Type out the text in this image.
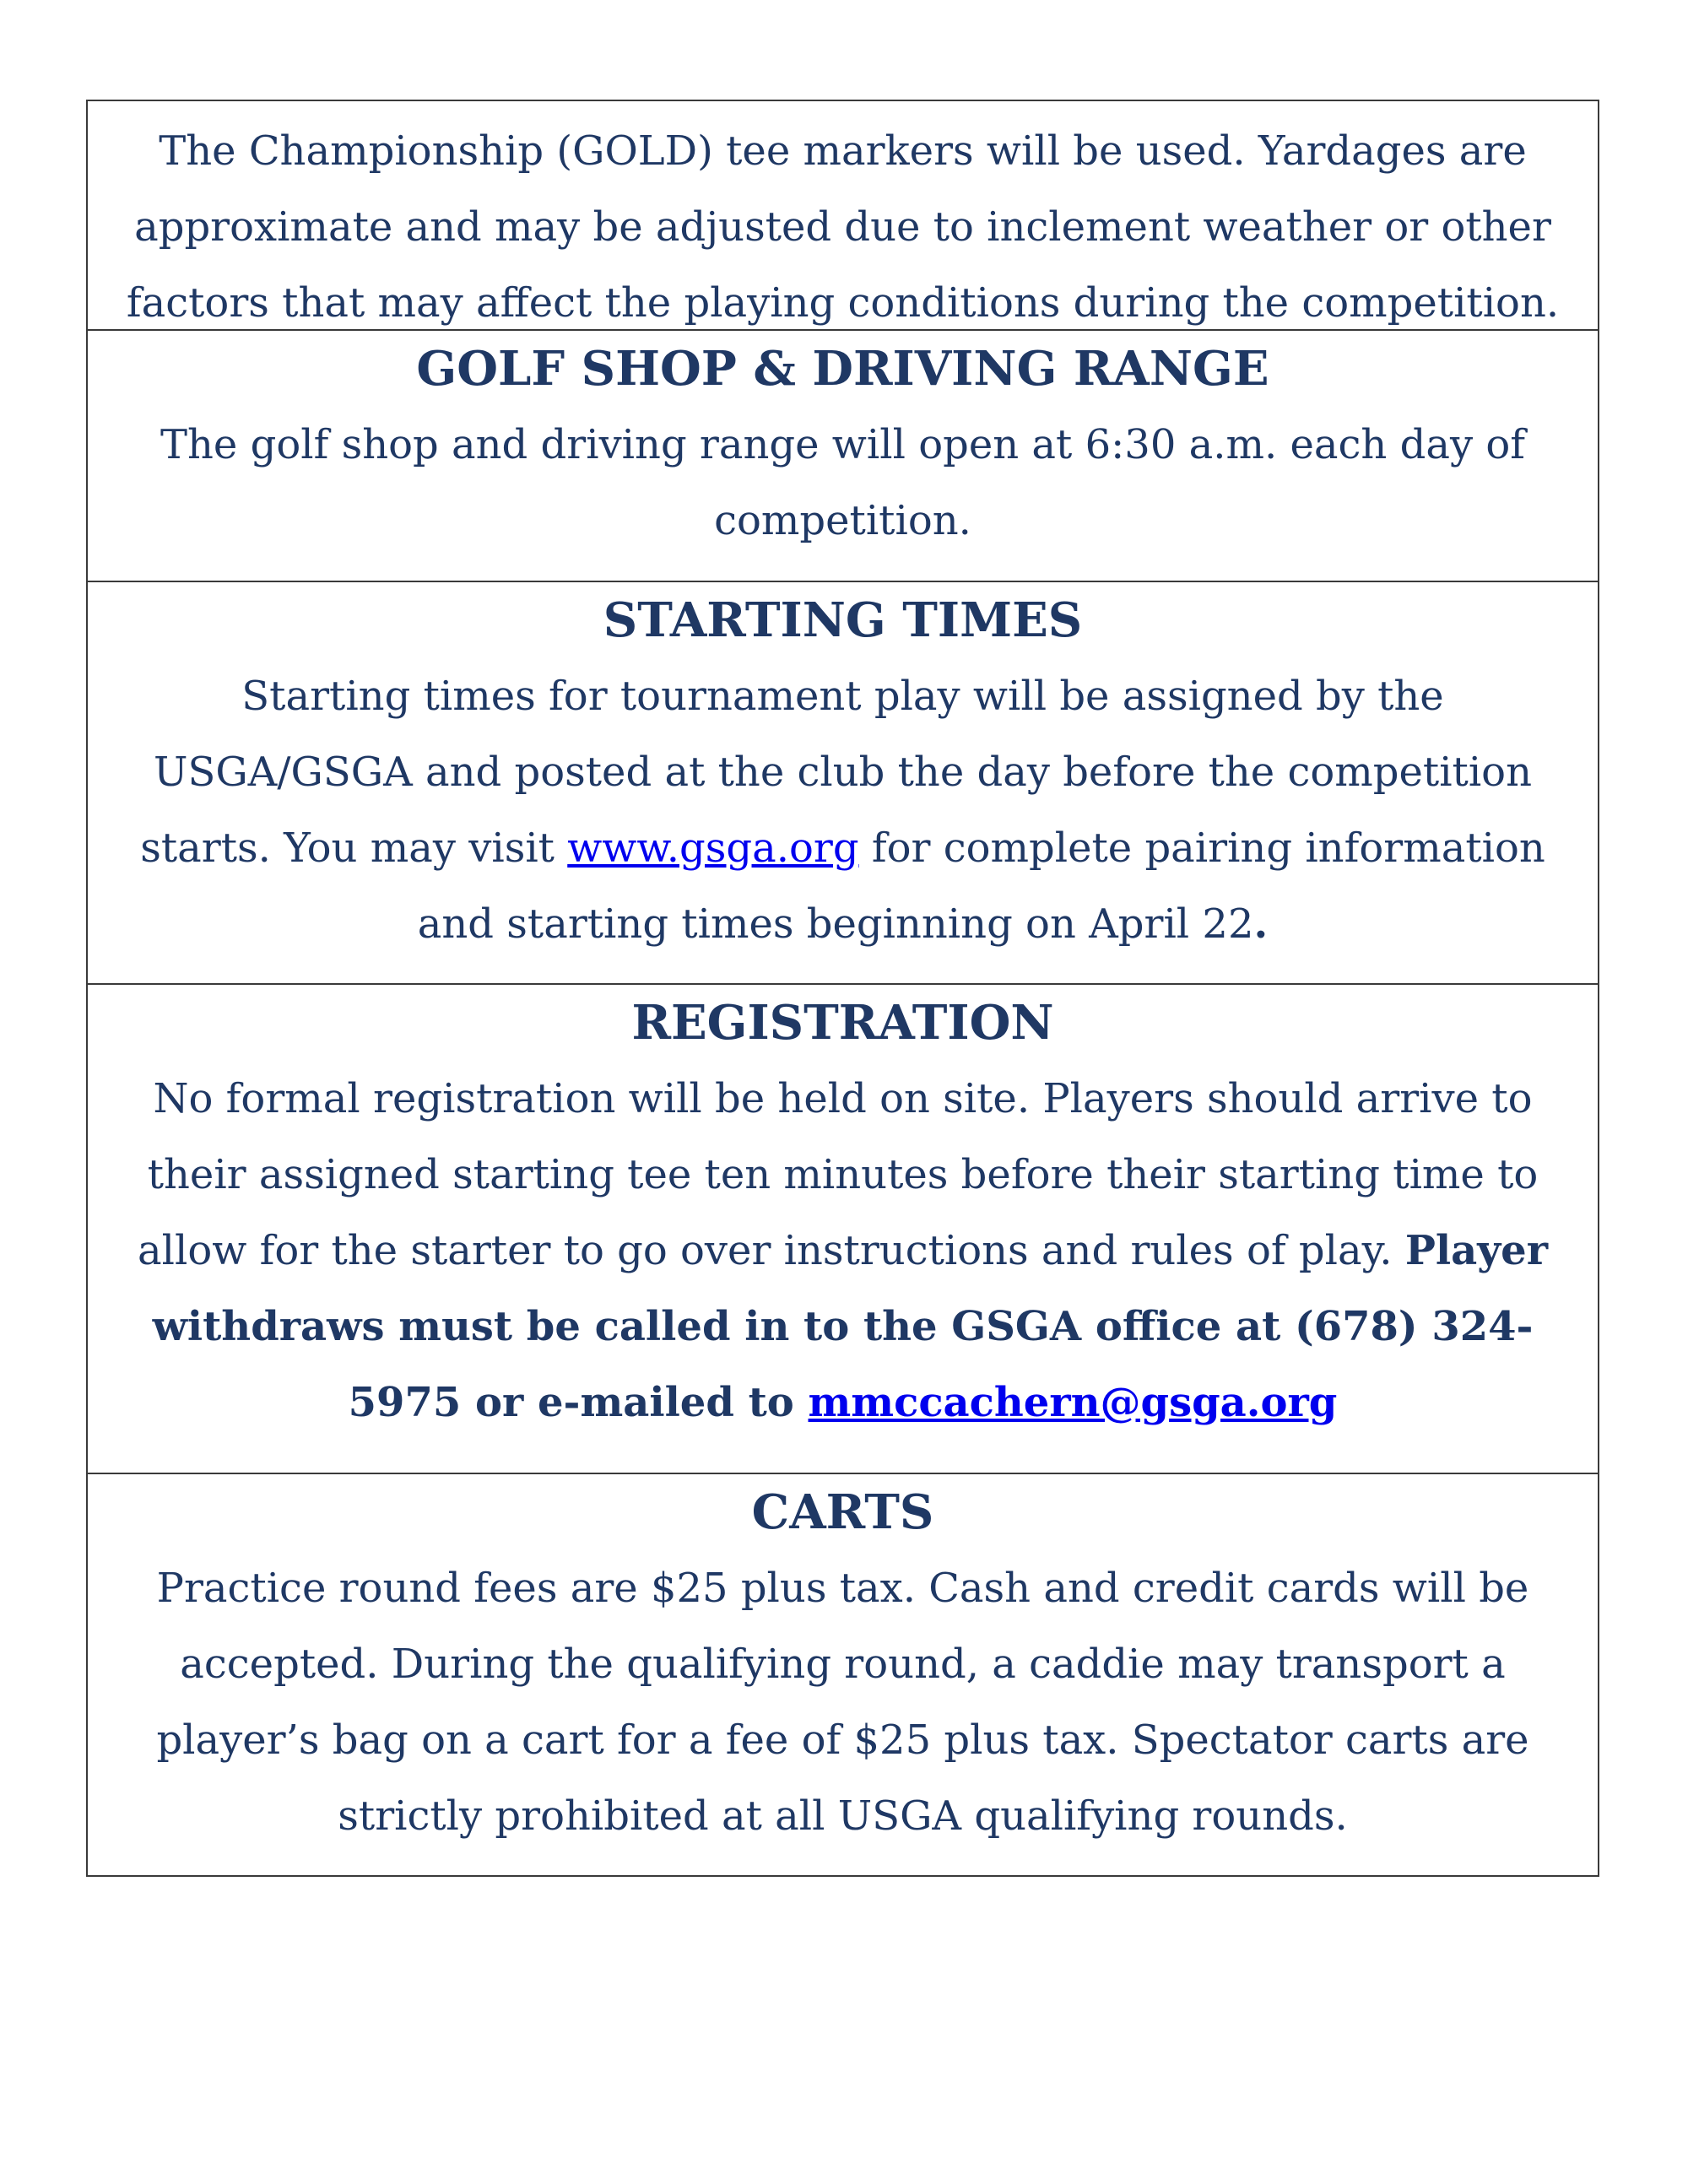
The Championship (GOLD) tee markers will be used. Yardages are approximate and may be adjusted due to inclement weather or other factors that may affect the playing conditions during the competition.

GOLF SHOP & DRIVING RANGE

The golf shop and driving range will open at 6:30 a.m. each day of competition.

STARTING TIMES

Starting times for tournament play will be assigned by the USGA/GSGA and posted at the club the day before the competition starts. You may visit www.gsga.org for complete pairing information and starting times beginning on April 22.

REGISTRATION

No formal registration will be held on site. Players should arrive to their assigned starting tee ten minutes before their starting time to allow for the starter to go over instructions and rules of play. Player withdraws must be called in to the GSGA office at (678) 324-5975 or e-mailed to mmccachern@gsga.org

CARTS

Practice round fees are $25 plus tax. Cash and credit cards will be accepted. During the qualifying round, a caddie may transport a player’s bag on a cart for a fee of $25 plus tax. Spectator carts are strictly prohibited at all USGA qualifying rounds.
